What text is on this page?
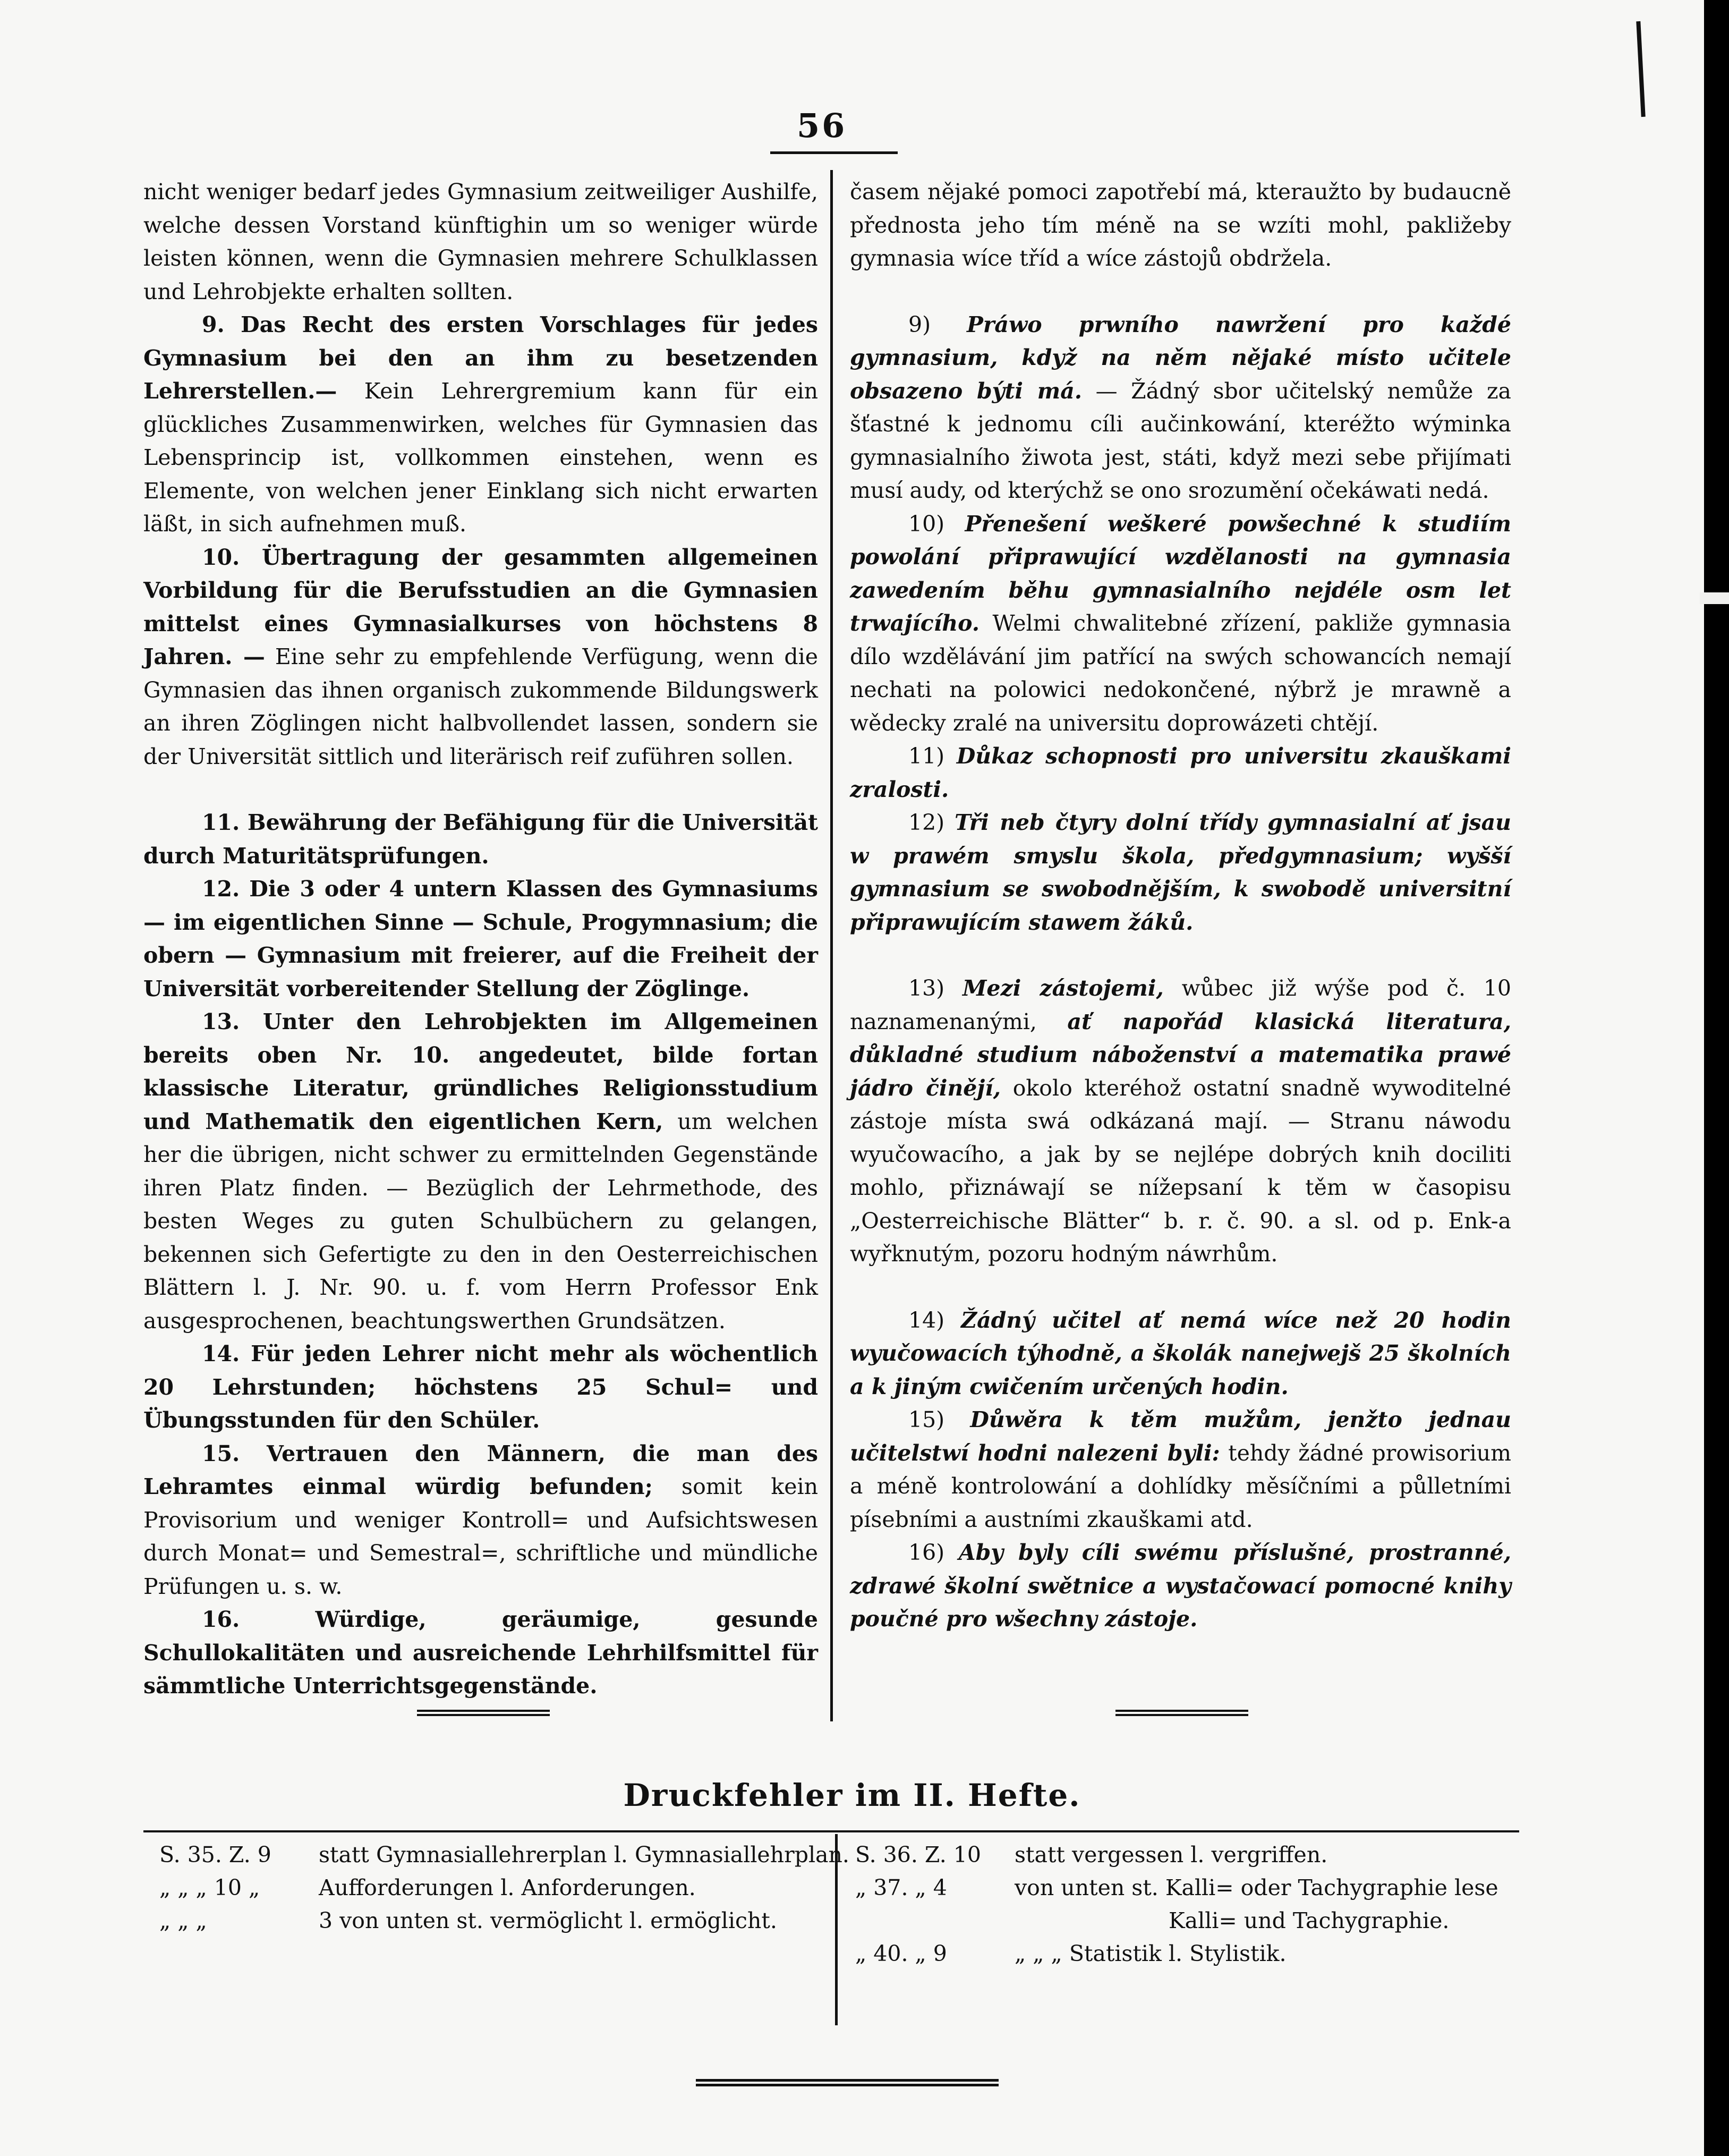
56

nicht weniger bedarf jedes Gymnasium zeitweiliger Aushilfe, welche dessen Vorstand künftighin um so weniger würde leisten können, wenn die Gymnasien mehrere Schulklassen und Lehrobjekte erhalten sollten.

9. Das Recht des ersten Vorschlages für jedes Gymnasium bei den an ihm zu besetzenden Lehrerstellen.— Kein Lehrergremium kann für ein glückliches Zusammenwirken, welches für Gymnasien das Lebensprincip ist, vollkommen einstehen, wenn es Elemente, von welchen jener Einklang sich nicht erwarten läßt, in sich aufnehmen muß.

10. Übertragung der gesammten allgemeinen Vorbildung für die Berufsstudien an die Gymnasien mittelst eines Gymnasialkurses von höchstens 8 Jahren. — Eine sehr zu empfehlende Verfügung, wenn die Gymnasien das ihnen organisch zukommende Bildungswerk an ihren Zöglingen nicht halbvollendet lassen, sondern sie der Universität sittlich und literärisch reif zuführen sollen.

11. Bewährung der Befähigung für die Universität durch Maturitätsprüfungen.

12. Die 3 oder 4 untern Klassen des Gymnasiums — im eigentlichen Sinne — Schule, Progymnasium; die obern — Gymnasium mit freierer, auf die Freiheit der Universität vorbereitender Stellung der Zöglinge.

13. Unter den Lehrobjekten im Allgemeinen bereits oben Nr. 10. angedeutet, bilde fortan klassische Literatur, gründliches Religionsstudium und Mathematik den eigentlichen Kern, um welchen her die übrigen, nicht schwer zu ermittelnden Gegenstände ihren Platz finden. — Bezüglich der Lehrmethode, des besten Weges zu guten Schulbüchern zu gelangen, bekennen sich Gefertigte zu den in den Oesterreichischen Blättern l. J. Nr. 90. u. f. vom Herrn Professor Enk ausgesprochenen, beachtungswerthen Grundsätzen.

14. Für jeden Lehrer nicht mehr als wöchentlich 20 Lehrstunden; höchstens 25 Schul= und Übungsstunden für den Schüler.

15. Vertrauen den Männern, die man des Lehramtes einmal würdig befunden; somit kein Provisorium und weniger Kontroll= und Aufsichtswesen durch Monat= und Semestral=, schriftliche und mündliche Prüfungen u. s. w.

16. Würdige, geräumige, gesunde Schullokalitäten und ausreichende Lehrhilfsmittel für sämmtliche Unterrichtsgegenstände.

časem nějaké pomoci zapotřebí má, kteraužto by budaucně přednosta jeho tím méně na se wzíti mohl, pakližeby gymnasia wíce tříd a wíce zástojů obdržela.

9) Práwo prwního nawržení pro každé gymnasium, když na něm nějaké místo učitele obsazeno býti má. — Žádný sbor učitelský nemůže za šťastné k jednomu cíli aučinkowání, kteréžto wýminka gymnasialního žiwota jest, státi, když mezi sebe přijímati musí audy, od kterýchž se ono srozumění očekáwati nedá.

10) Přenešení weškeré powšechné k studiím powolání připrawující wzdělanosti na gymnasia zawedením běhu gymnasialního nejdéle osm let trwajícího. Welmi chwalitebné zřízení, pakliže gymnasia dílo wzdělávání jim patřící na swých schowancích nemají nechati na polowici nedokončené, nýbrž je mrawně a wědecky zralé na universitu doprowázeti chtějí.

11) Důkaz schopnosti pro universitu zkauškami zralosti.

12) Tři neb čtyry dolní třídy gymnasialní ať jsau w prawém smyslu škola, předgymnasium; wyšší gymnasium se swobodnějším, k swobodě universitní připrawujícím stawem žáků.

13) Mezi zástojemi, wůbec již wýše pod č. 10 naznamenanými, ať napořád klasická literatura, důkladné studium náboženství a matematika prawé jádro činějí, okolo kteréhož ostatní snadně wywoditelné zástoje místa swá odkázaná mají. — Stranu náwodu wyučowacího, a jak by se nejlépe dobrých knih dociliti mohlo, přiznáwají se nížepsaní k těm w časopisu „Oesterreichische Blätter“ b. r. č. 90. a sl. od p. Enk-a wyřknutým, pozoru hodným náwrhům.

14) Žádný učitel ať nemá wíce než 20 hodin wyučowacích týhodně, a školák nanejwejš 25 školních a k jiným cwičením určených hodin.

15) Důwěra k těm mužům, jenžto jednau učitelstwí hodni nalezeni byli: tehdy žádné prowisorium a méně kontrolowání a dohlídky měsíčními a půlletními písebními a austními zkauškami atd.

16) Aby byly cíli swému příslušné, prostranné, zdrawé školní swětnice a wystačowací pomocné knihy poučné pro wšechny zástoje.

Druckfehler im II. Hefte.
S. 35. Z. 9 statt Gymnasiallehrerplan l. Gymnasiallehrplan.
„ „ „ 10 „	Aufforderungen l. Anforderungen.
„ „ „	3 von unten st. vermöglicht l. ermöglicht.
S. 36. Z. 10 statt vergessen l. vergriffen.
„ 37. „ 4	von unten st. Kalli= oder Tachygraphie lese
Kalli= und Tachygraphie.
„ 40. „ 9	„ „ „ Statistik l. Stylistik.
